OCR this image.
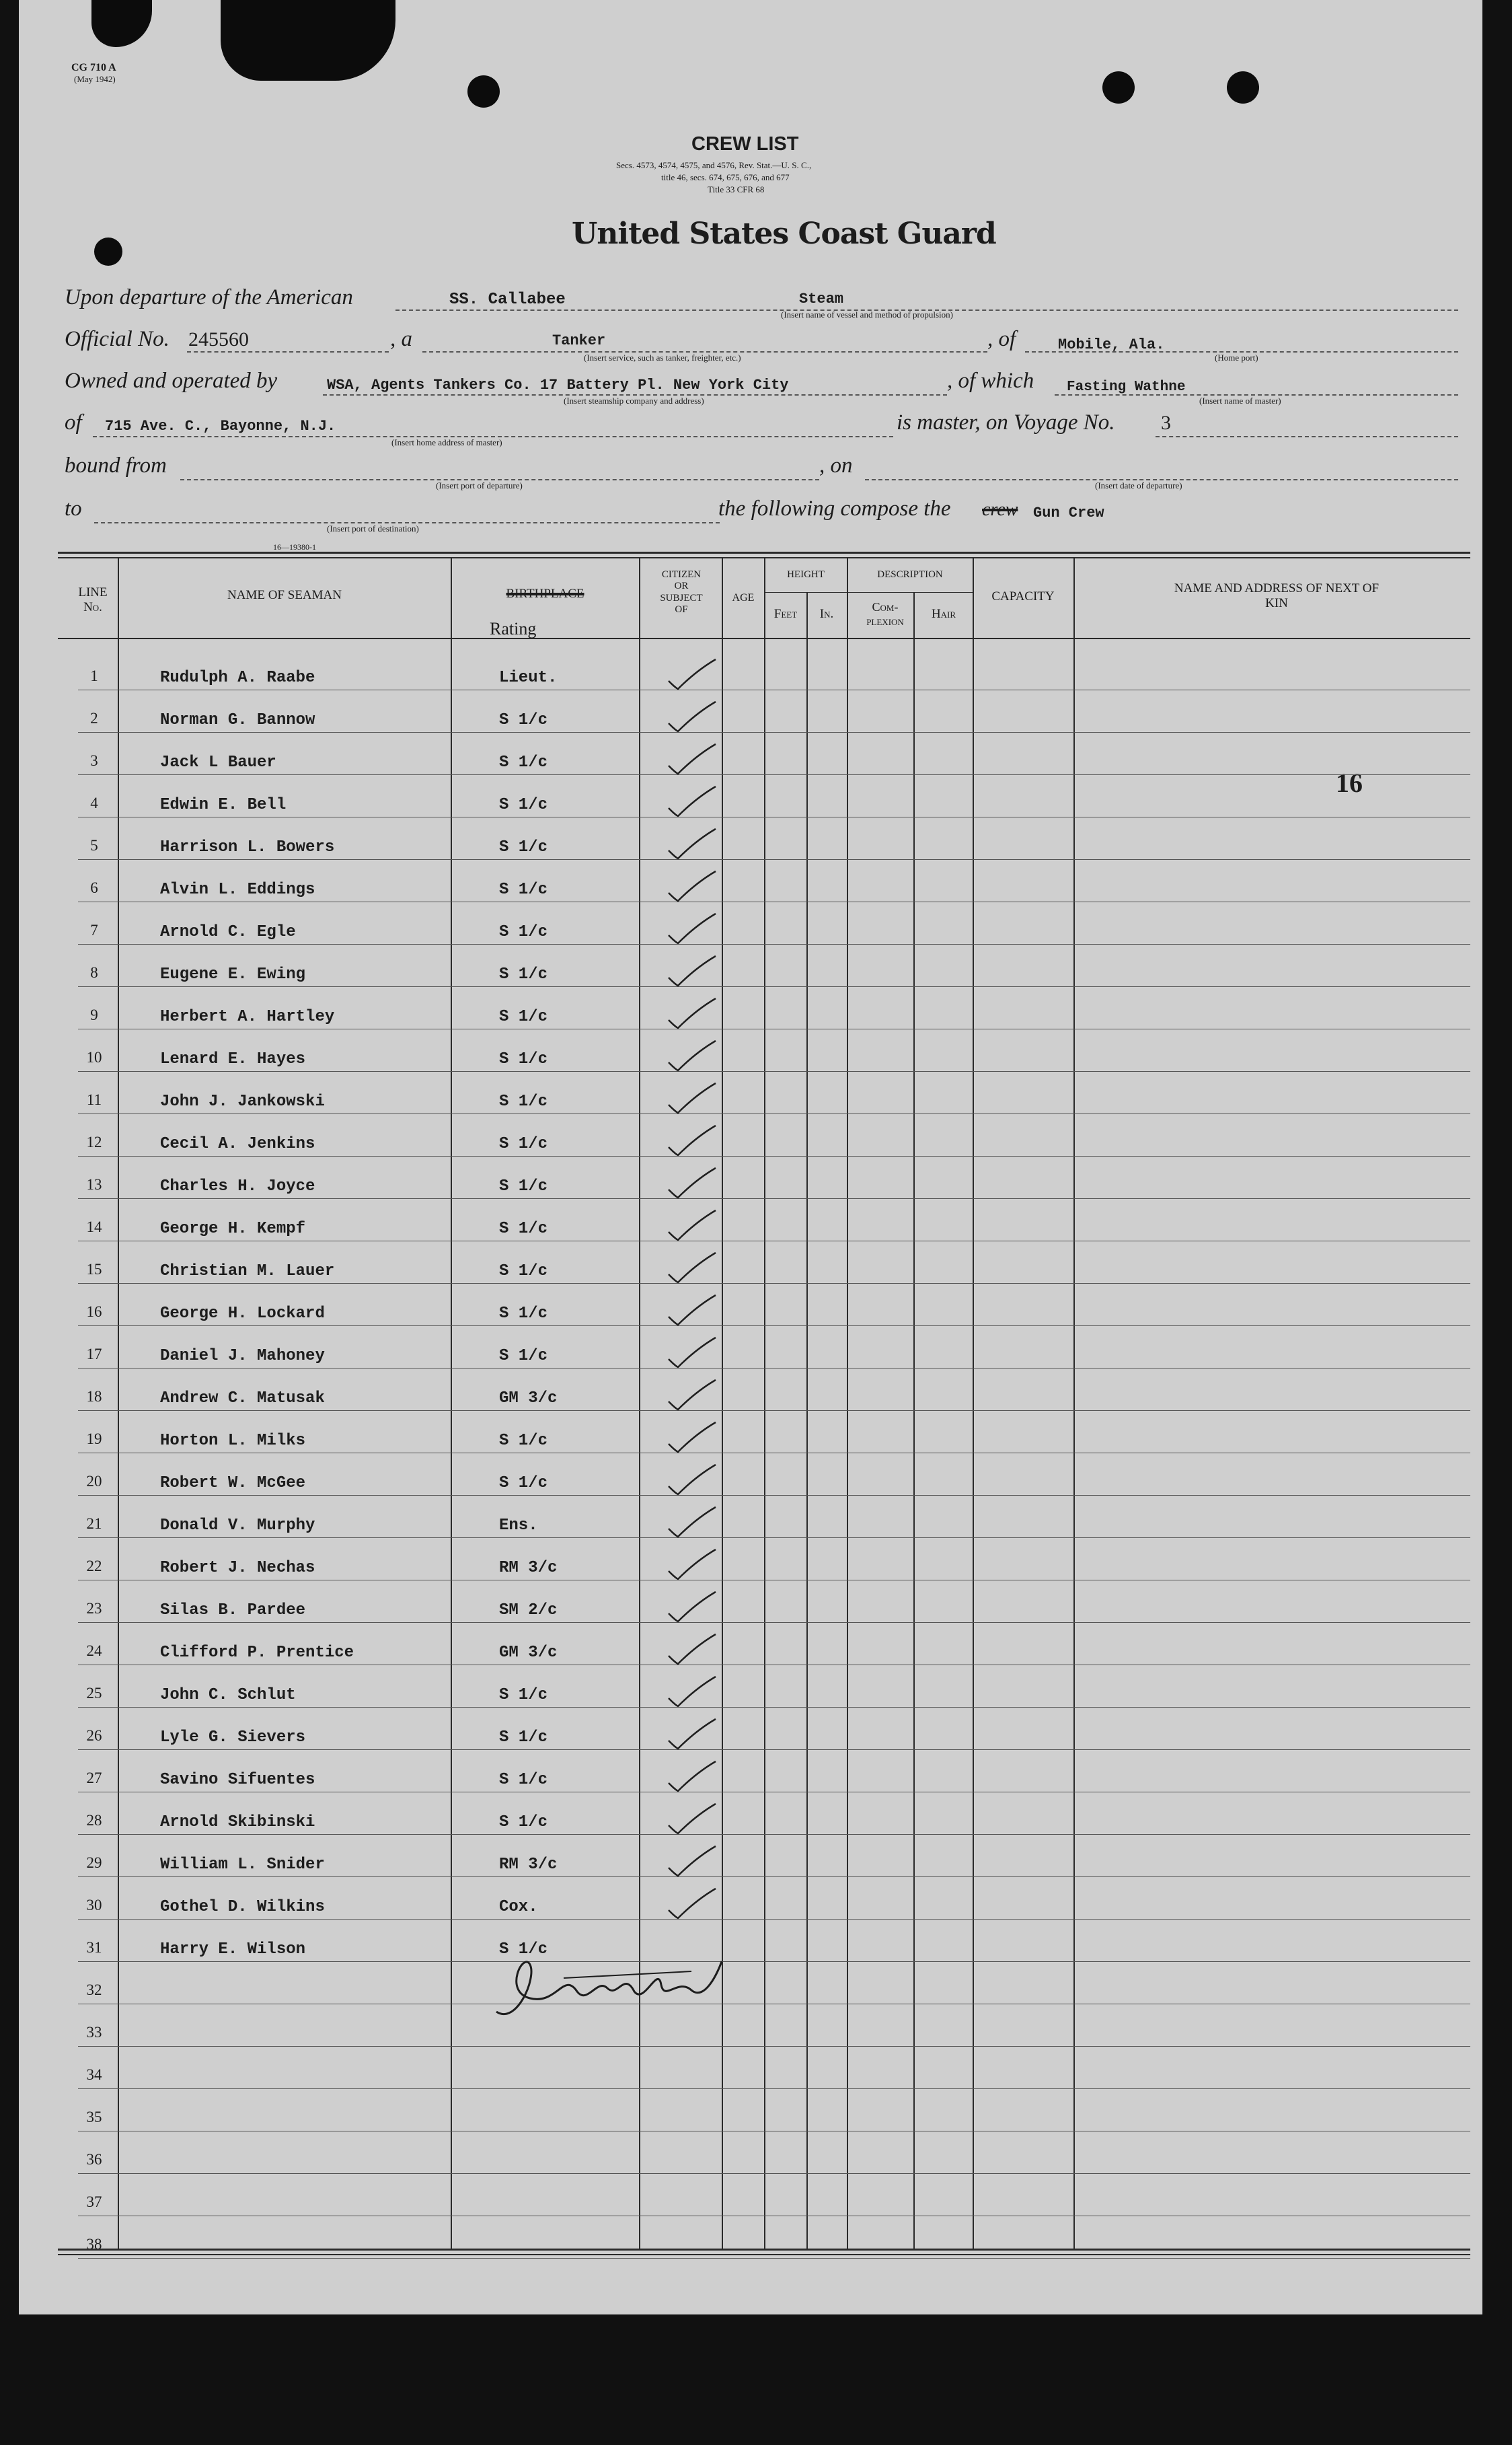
CG 710 A
(May 1942)
CREW LIST
Secs. 4573, 4574, 4575, and 4576, Rev. Stat.—U. S. C.,
title 46, secs. 674, 675, 676, and 677
Title 33 CFR 68
United States Coast Guard
Upon departure of the American	SS. Callabee	Steam
(Insert name of vessel and method of propulsion)
Official No. 245560	, a	Tanker
(Insert service, such as tanker, freighter, etc.)
, of	Mobile, Ala.
(Home port)
Owned and operated by	WSA, Agents Tankers Co. 17 Battery Pl. New York City
(Insert steamship company and address)
, of which Fasting Wathne
(Insert name of master)
of 715 Ave. C., Bayonne, N.J.
(Insert home address of master)
is master, on Voyage No. 3
bound from
(Insert port of departure)
, on
(Insert date of departure)
to
(Insert port of destination)
the following compose the crew Gun Crew
16—19380-1
LINE No.
NAME OF SEAMAN	BIRTHPLACE
Rating
CITIZEN OR SUBJECT OF
AGE
HEIGHT
Feet	In.
DESCRIPTION
Com-plexion	Hair
CAPACITY
NAME AND ADDRESS OF NEXT OF KIN
16
1	Rudulph A. Raabe	Lieut.
2	Norman G. Bannow	S 1/c
3	Jack L Bauer	S 1/c
4	Edwin E. Bell	S 1/c
5	Harrison L. Bowers	S 1/c
6	Alvin L. Eddings	S 1/c
7	Arnold C. Egle	S 1/c
8	Eugene E. Ewing	S 1/c
9	Herbert A. Hartley	S 1/c
10	Lenard E. Hayes	S 1/c
11	John J. Jankowski	S 1/c
12	Cecil A. Jenkins	S 1/c
13	Charles H. Joyce	S 1/c
14	George H. Kempf	S 1/c
15	Christian M. Lauer	S 1/c
16	George H. Lockard	S 1/c
17	Daniel J. Mahoney	S 1/c
18	Andrew C. Matusak	GM 3/c
19	Horton L. Milks	S 1/c
20	Robert W. McGee	S 1/c
21	Donald V. Murphy	Ens.
22	Robert J. Nechas	RM 3/c
23	Silas B. Pardee	SM 2/c
24	Clifford P. Prentice	GM 3/c
25	John C. Schlut	S 1/c
26	Lyle G. Sievers	S 1/c
27	Savino Sifuentes	S 1/c
28	Arnold Skibinski	S 1/c
29	William L. Snider	RM 3/c
30	Gothel D. Wilkins	Cox.
31	Harry E. Wilson	S 1/c
32
33
34
35
36
37
38
